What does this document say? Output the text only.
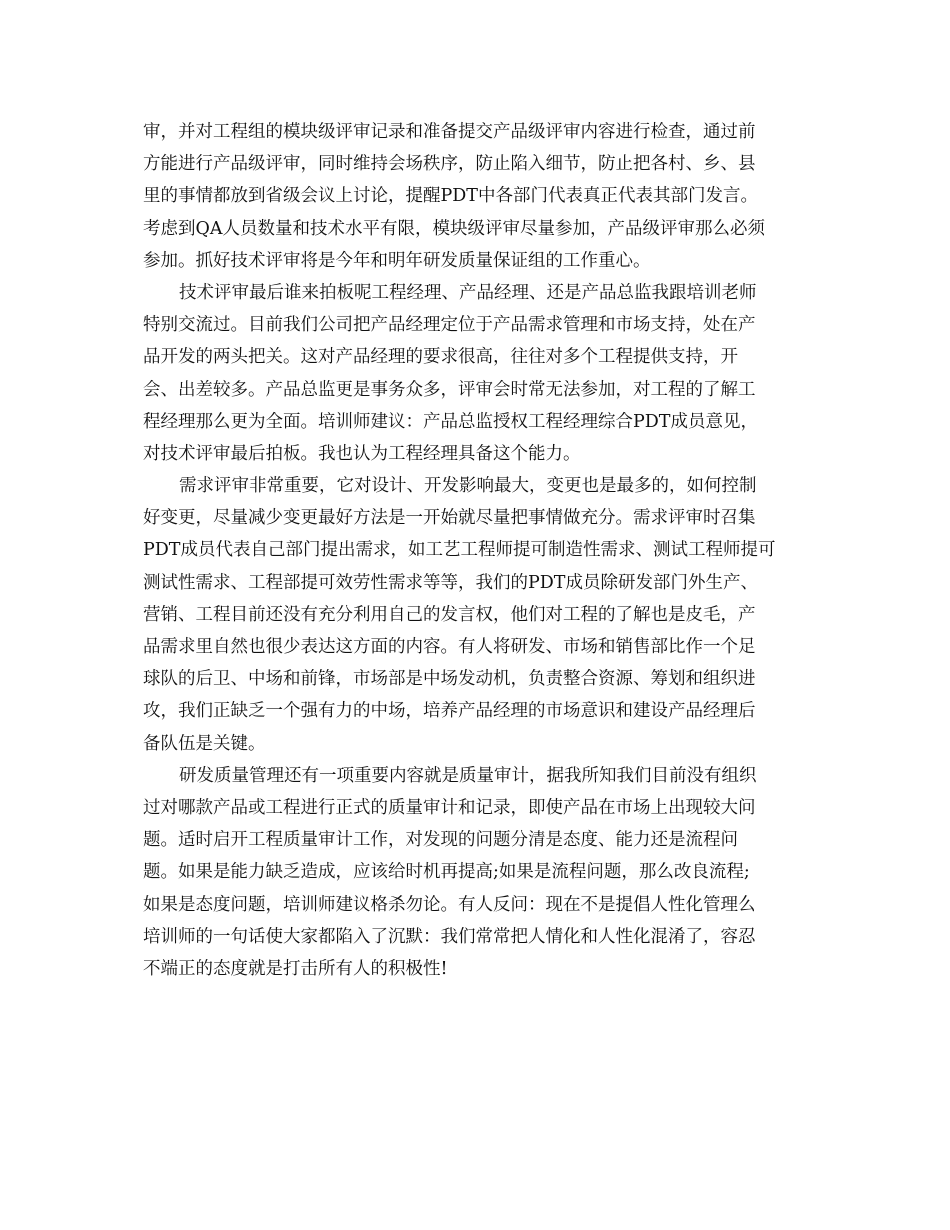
审，并对工程组的模块级评审记录和准备提交产品级评审内容进行检查，通过前
方能进行产品级评审，同时维持会场秩序，防止陷入细节，防止把各村、乡、县
里的事情都放到省级会议上讨论，提醒PDT中各部门代表真正代表其部门发言。
考虑到QA人员数量和技术水平有限，模块级评审尽量参加，产品级评审那么必须
参加。抓好技术评审将是今年和明年研发质量保证组的工作重心。
技术评审最后谁来拍板呢工程经理、产品经理、还是产品总监我跟培训老师
特别交流过。目前我们公司把产品经理定位于产品需求管理和市场支持，处在产
品开发的两头把关。这对产品经理的要求很高，往往对多个工程提供支持，开
会、出差较多。产品总监更是事务众多，评审会时常无法参加，对工程的了解工
程经理那么更为全面。培训师建议：产品总监授权工程经理综合PDT成员意见，
对技术评审最后拍板。我也认为工程经理具备这个能力。
需求评审非常重要，它对设计、开发影响最大，变更也是最多的，如何控制
好变更，尽量减少变更最好方法是一开始就尽量把事情做充分。需求评审时召集
PDT成员代表自己部门提出需求，如工艺工程师提可制造性需求、测试工程师提可
测试性需求、工程部提可效劳性需求等等，我们的PDT成员除研发部门外生产、
营销、工程目前还没有充分利用自己的发言权，他们对工程的了解也是皮毛，产
品需求里自然也很少表达这方面的内容。有人将研发、市场和销售部比作一个足
球队的后卫、中场和前锋，市场部是中场发动机，负责整合资源、筹划和组织进
攻，我们正缺乏一个强有力的中场，培养产品经理的市场意识和建设产品经理后
备队伍是关键。
研发质量管理还有一项重要内容就是质量审计，据我所知我们目前没有组织
过对哪款产品或工程进行正式的质量审计和记录，即使产品在市场上出现较大问
题。适时启开工程质量审计工作，对发现的问题分清是态度、能力还是流程问
题。如果是能力缺乏造成，应该给时机再提高;如果是流程问题，那么改良流程;
如果是态度问题，培训师建议格杀勿论。有人反问：现在不是提倡人性化管理么
培训师的一句话使大家都陷入了沉默：我们常常把人情化和人性化混淆了，容忍
不端正的态度就是打击所有人的积极性!
